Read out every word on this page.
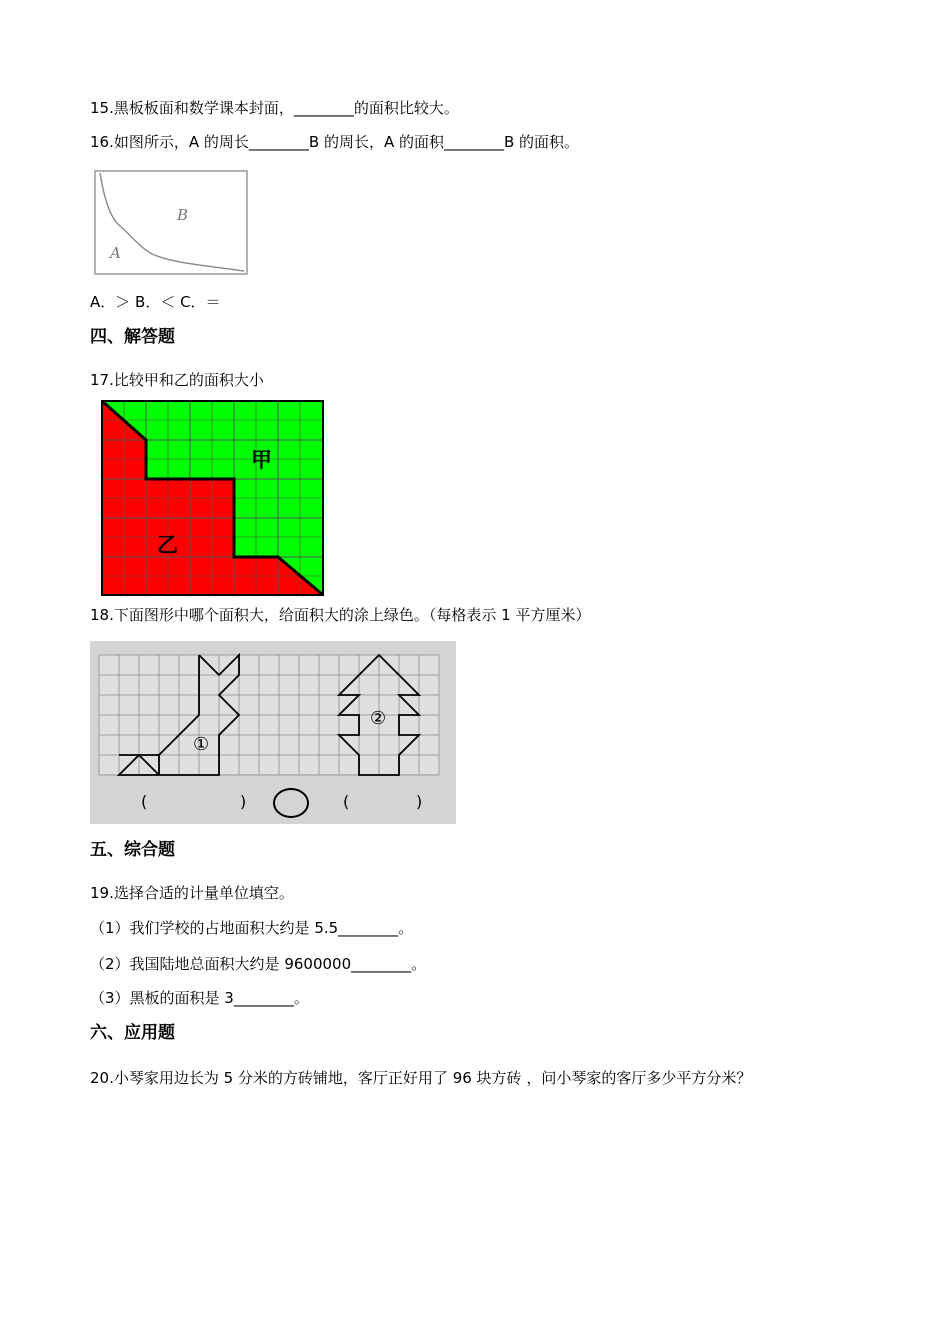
15.黑板板面和数学课本封面，________的面积比较大。
16.如图所示，A 的周长________B 的周长，A 的面积________B 的面积。
B
A
A．＞ B．＜ C．＝
四、解答题
17.比较甲和乙的面积大小
甲
乙
18.下面图形中哪个面积大，给面积大的涂上绿色。（每格表示 1 平方厘米）
①
②
(	)	(	)
五、综合题
19.选择合适的计量单位填空。
（1）我们学校的占地面积大约是 5.5________。
（2）我国陆地总面积大约是 9600000________。
（3）黑板的面积是 3________。
六、应用题
20.小琴家用边长为 5 分米的方砖铺地，客厅正好用了 96 块方砖 ，问小琴家的客厅多少平方分米？
